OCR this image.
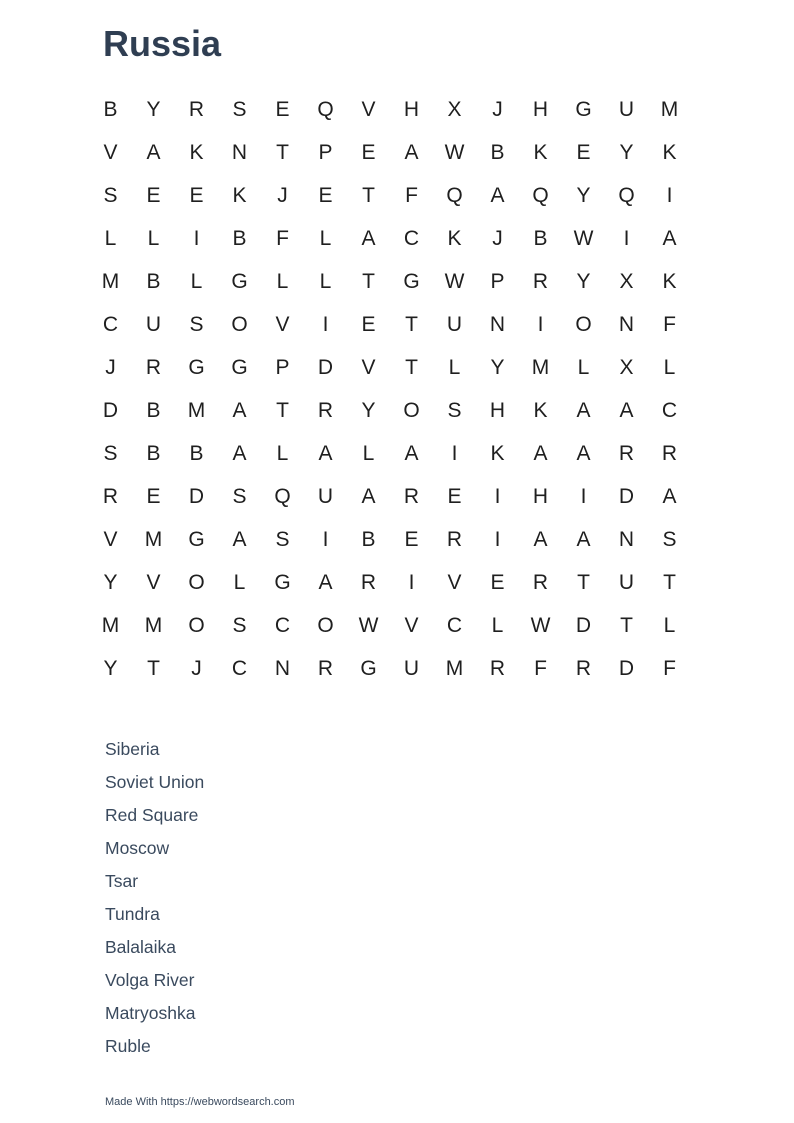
Russia
B	Y	R	S	E	Q	V	H	X	J	H	G	U	M
V	A	K	N	T	P	E	A	W	B	K	E	Y	K
S	E	E	K	J	E	T	F	Q	A	Q	Y	Q	I
L	L	I	B	F	L	A	C	K	J	B	W	I	A
M	B	L	G	L	L	T	G	W	P	R	Y	X	K
C	U	S	O	V	I	E	T	U	N	I	O	N	F
J	R	G	G	P	D	V	T	L	Y	M	L	X	L
D	B	M	A	T	R	Y	O	S	H	K	A	A	C
S	B	B	A	L	A	L	A	I	K	A	A	R	R
R	E	D	S	Q	U	A	R	E	I	H	I	D	A
V	M	G	A	S	I	B	E	R	I	A	A	N	S
Y	V	O	L	G	A	R	I	V	E	R	T	U	T
M	M	O	S	C	O	W	V	C	L	W	D	T	L
Y	T	J	C	N	R	G	U	M	R	F	R	D	F
Siberia
Soviet Union
Red Square
Moscow
Tsar
Tundra
Balalaika
Volga River
Matryoshka
Ruble
Made With https://webwordsearch.com
